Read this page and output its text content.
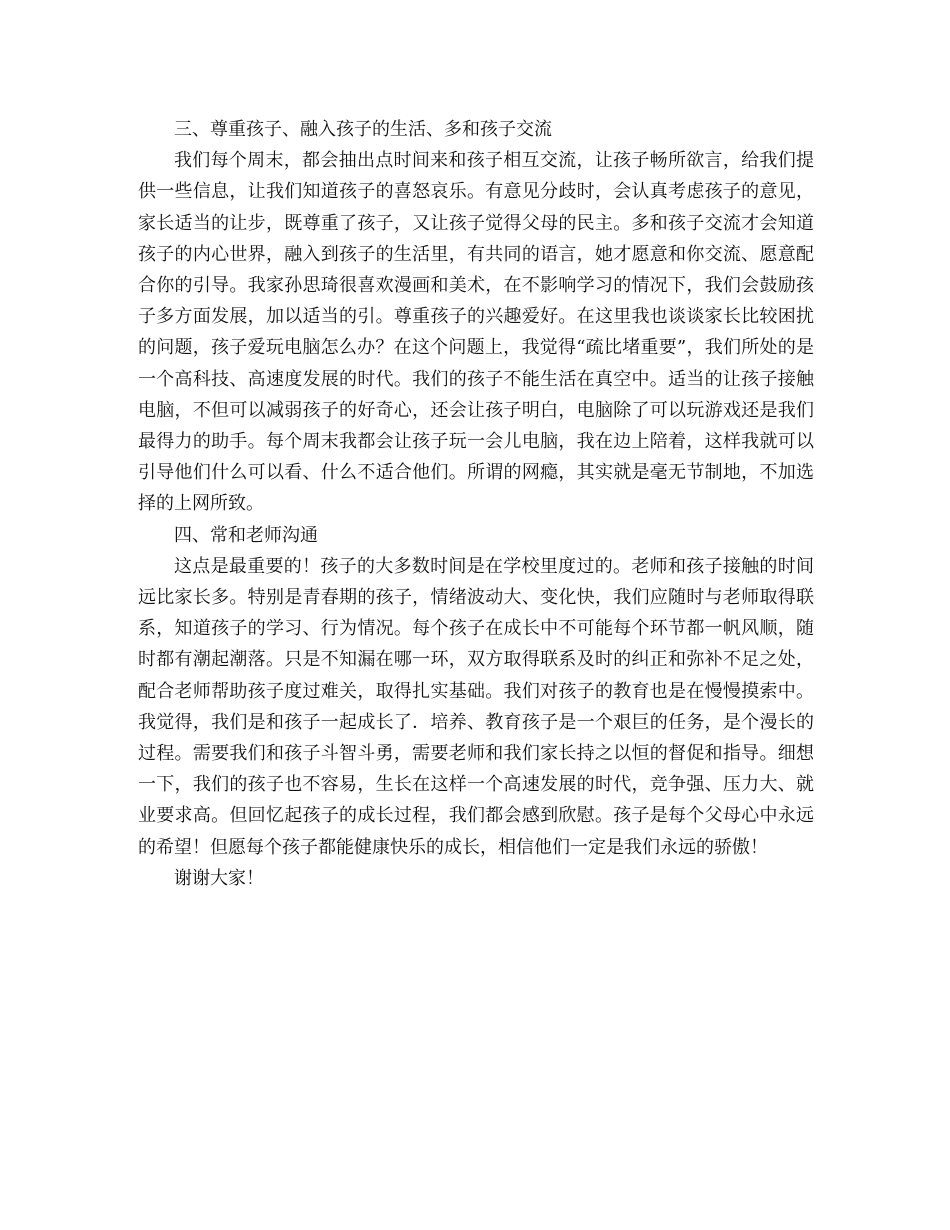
三、尊重孩子、融入孩子的生活、多和孩子交流

我们每个周末，都会抽出点时间来和孩子相互交流，让孩子畅所欲言，给我们提供一些信息，让我们知道孩子的喜怒哀乐。有意见分歧时，会认真考虑孩子的意见，家长适当的让步，既尊重了孩子，又让孩子觉得父母的民主。多和孩子交流才会知道孩子的内心世界，融入到孩子的生活里，有共同的语言，她才愿意和你交流、愿意配合你的引导。我家孙思琦很喜欢漫画和美术，在不影响学习的情况下，我们会鼓励孩子多方面发展，加以适当的引。尊重孩子的兴趣爱好。在这里我也谈谈家长比较困扰的问题，孩子爱玩电脑怎么办？在这个问题上，我觉得“疏比堵重要”，我们所处的是一个高科技、高速度发展的时代。我们的孩子不能生活在真空中。适当的让孩子接触电脑，不但可以减弱孩子的好奇心，还会让孩子明白，电脑除了可以玩游戏还是我们最得力的助手。每个周末我都会让孩子玩一会儿电脑，我在边上陪着，这样我就可以引导他们什么可以看、什么不适合他们。所谓的网瘾，其实就是毫无节制地，不加选择的上网所致。

四、常和老师沟通

这点是最重要的！孩子的大多数时间是在学校里度过的。老师和孩子接触的时间远比家长多。特别是青春期的孩子，情绪波动大、变化快，我们应随时与老师取得联系，知道孩子的学习、行为情况。每个孩子在成长中不可能每个环节都一帆风顺，随时都有潮起潮落。只是不知漏在哪一环，双方取得联系及时的纠正和弥补不足之处，配合老师帮助孩子度过难关，取得扎实基础。我们对孩子的教育也是在慢慢摸索中。我觉得，我们是和孩子一起成长了．培养、教育孩子是一个艰巨的任务，是个漫长的过程。需要我们和孩子斗智斗勇，需要老师和我们家长持之以恒的督促和指导。细想一下，我们的孩子也不容易，生长在这样一个高速发展的时代，竞争强、压力大、就业要求高。但回忆起孩子的成长过程，我们都会感到欣慰。孩子是每个父母心中永远的希望！但愿每个孩子都能健康快乐的成长，相信他们一定是我们永远的骄傲！

谢谢大家！
